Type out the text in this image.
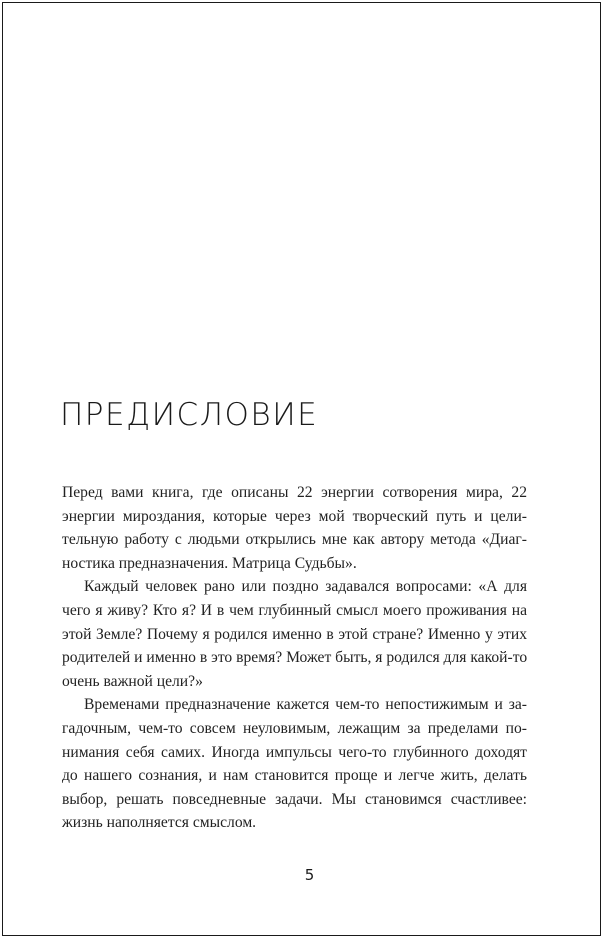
ПРЕДИСЛОВИЕ
Перед вами книга, где описаны 22 энергии сотворения мира, 22
энергии мироздания, которые через мой творческий путь и цели-
тельную работу с людьми открылись мне как автору метода «Диаг-
ностика предназначения. Матрица Судьбы».
Каждый человек рано или поздно задавался вопросами: «А для
чего я живу? Кто я? И в чем глубинный смысл моего проживания на
этой Земле? Почему я родился именно в этой стране? Именно у этих
родителей и именно в это время? Может быть, я родился для какой-то
очень важной цели?»
Временами предназначение кажется чем-то непостижимым и за-
гадочным, чем-то совсем неуловимым, лежащим за пределами по-
нимания себя самих. Иногда импульсы чего-то глубинного доходят
до нашего сознания, и нам становится проще и легче жить, делать
выбор, решать повседневные задачи. Мы становимся счастливее:
жизнь наполняется смыслом.
5
